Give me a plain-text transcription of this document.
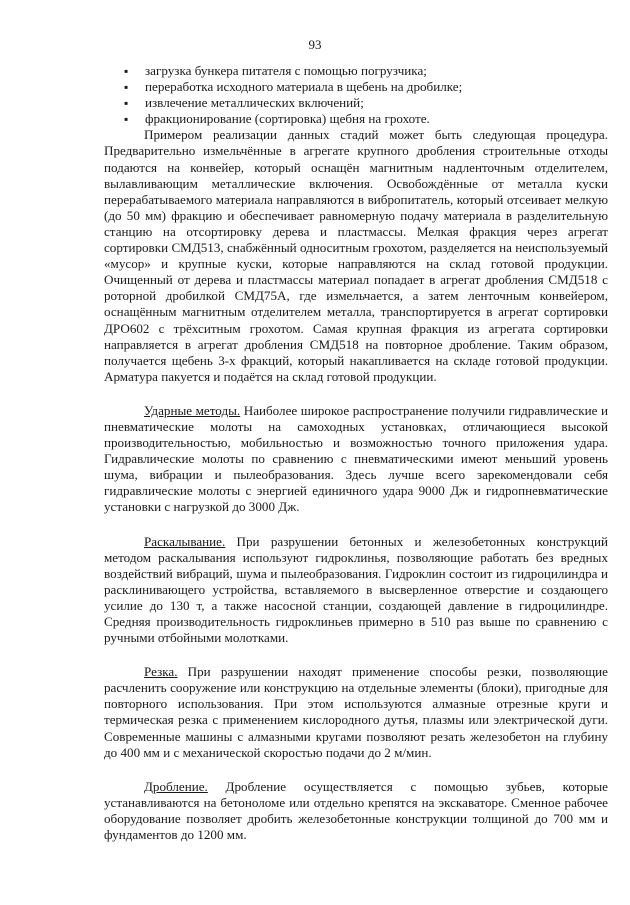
93
▪ загрузка бункера питателя с помощью погрузчика;
▪ переработка исходного материала в щебень на дробилке;
▪ извлечение металлических включений;
▪ фракционирование (сортировка) щебня на грохоте.

Примером реализации данных стадий может быть следующая процедура. Предварительно измельчённые в агрегате крупного дробления строительные отходы подаются на конвейер, который оснащён магнитным надленточным отделителем, вылавливающим металлические включения. Освобождённые от металла куски перерабатываемого материала направляются в вибропитатель, который отсеивает мелкую (до 50 мм) фракцию и обеспечивает равномерную подачу материала в разделительную станцию на отсортировку дерева и пластмассы. Мелкая фракция через агрегат сортировки СМД513, снабжённый односитным грохотом, разделяется на неиспользуемый «мусор» и крупные куски, которые направляются на склад готовой продукции. Очищенный от дерева и пластмассы материал попадает в агрегат дробления СМД518 с роторной дробилкой СМД75А, где измельчается, а затем ленточным конвейером, оснащённым магнитным отделителем металла, транспортируется в агрегат сортировки ДРО602 с трёхситным грохотом. Самая крупная фракция из агрегата сортировки направляется в агрегат дробления СМД518 на повторное дробление. Таким образом, получается щебень 3-х фракций, который накапливается на складе готовой продукции. Арматура пакуется и подаётся на склад готовой продукции.

Ударные методы. Наиболее широкое распространение получили гидравлические и пневматические молоты на самоходных установках, отличающиеся высокой производительностью, мобильностью и возможностью точного приложения удара. Гидравлические молоты по сравнению с пневматическими имеют меньший уровень шума, вибрации и пылеобразования. Здесь лучше всего зарекомендовали себя гидравлические молоты с энергией единичного удара 9000 Дж и гидропневматические установки с нагрузкой до 3000 Дж.

Раскалывание. При разрушении бетонных и железобетонных конструкций методом раскалывания используют гидроклинья, позволяющие работать без вредных воздействий вибраций, шума и пылеобразования. Гидроклин состоит из гидроцилиндра и расклинивающего устройства, вставляемого в высверленное отверстие и создающего усилие до 130 т, а также насосной станции, создающей давление в гидроцилиндре. Средняя производительность гидроклиньев примерно в 510 раз выше по сравнению с ручными отбойными молотками.

Резка. При разрушении находят применение способы резки, позволяющие расчленить сооружение или конструкцию на отдельные элементы (блоки), пригодные для повторного использования. При этом используются алмазные отрезные круги и термическая резка с применением кислородного дутья, плазмы или электрической дуги. Современные машины с алмазными кругами позволяют резать железобетон на глубину до 400 мм и с механической скоростью подачи до 2 м/мин.

Дробление. Дробление осуществляется с помощью зубьев, которые устанавливаются на бетоноломе или отдельно крепятся на экскаваторе. Сменное рабочее оборудование позволяет дробить железобетонные конструкции толщиной до 700 мм и фундаментов до 1200 мм.
